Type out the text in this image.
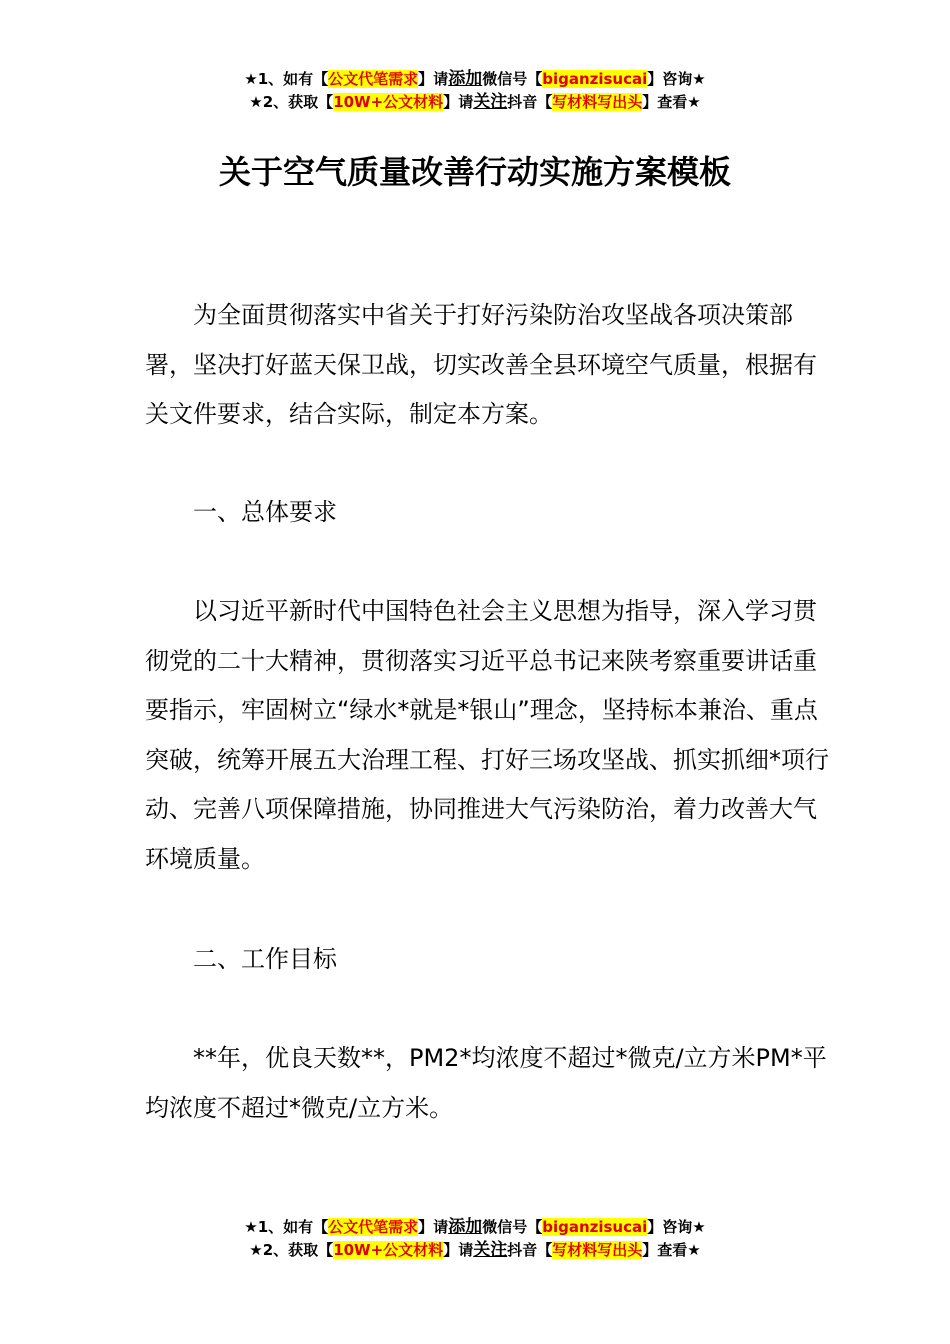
★1、如有【公文代笔需求】请添加微信号【biganzisucai】咨询★
★2、获取【10W+公文材料】请关注抖音【写材料写出头】查看★
关于空气质量改善行动实施方案模板

为全面贯彻落实中省关于打好污染防治攻坚战各项决策部署，坚决打好蓝天保卫战，切实改善全县环境空气质量，根据有关文件要求，结合实际，制定本方案。

一、总体要求

以习近平新时代中国特色社会主义思想为指导，深入学习贯彻党的二十大精神，贯彻落实习近平总书记来陕考察重要讲话重要指示，牢固树立“绿水*就是*银山”理念，坚持标本兼治、重点突破，统筹开展五大治理工程、打好三场攻坚战、抓实抓细*项行动、完善八项保障措施，协同推进大气污染防治，着力改善大气环境质量。

二、工作目标

**年，优良天数**，PM2*均浓度不超过*微克/立方米PM*平均浓度不超过*微克/立方米。

★1、如有【公文代笔需求】请添加微信号【biganzisucai】咨询★
★2、获取【10W+公文材料】请关注抖音【写材料写出头】查看★
